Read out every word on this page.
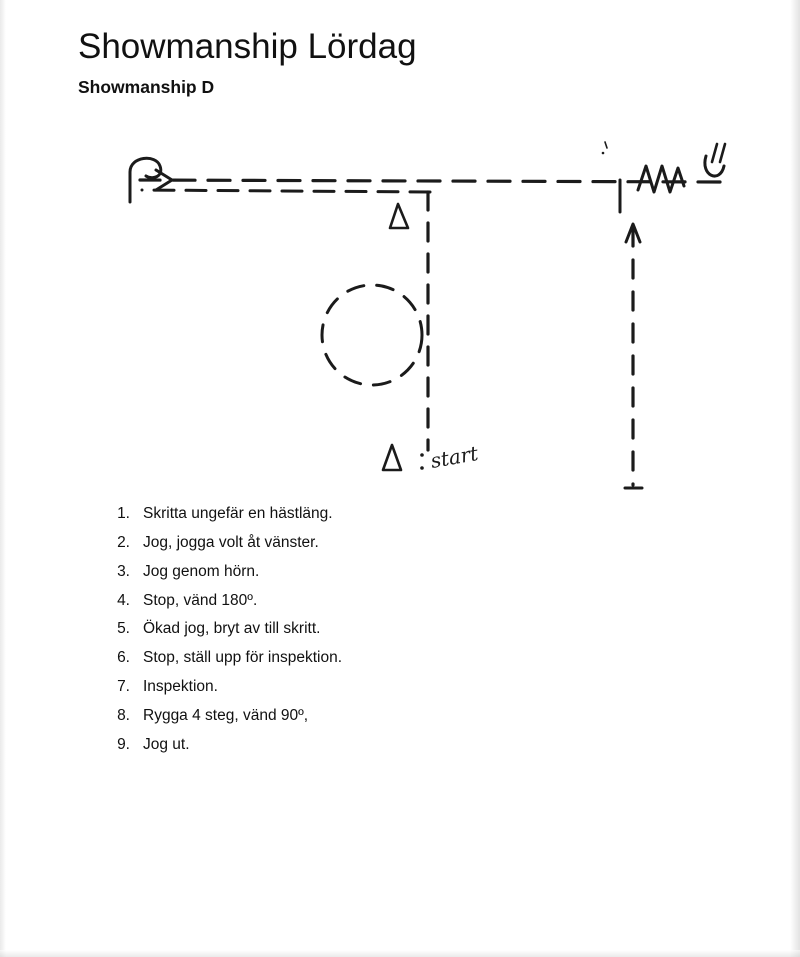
Showmanship Lördag
Showmanship D
start
1. Skritta ungefär en hästläng.
2. Jog, jogga volt åt vänster.
3. Jog genom hörn.
4. Stop, vänd 180º.
5. Ökad jog, bryt av till skritt.
6. Stop, ställ upp för inspektion.
7. Inspektion.
8. Rygga 4 steg, vänd 90º,
9. Jog ut.
